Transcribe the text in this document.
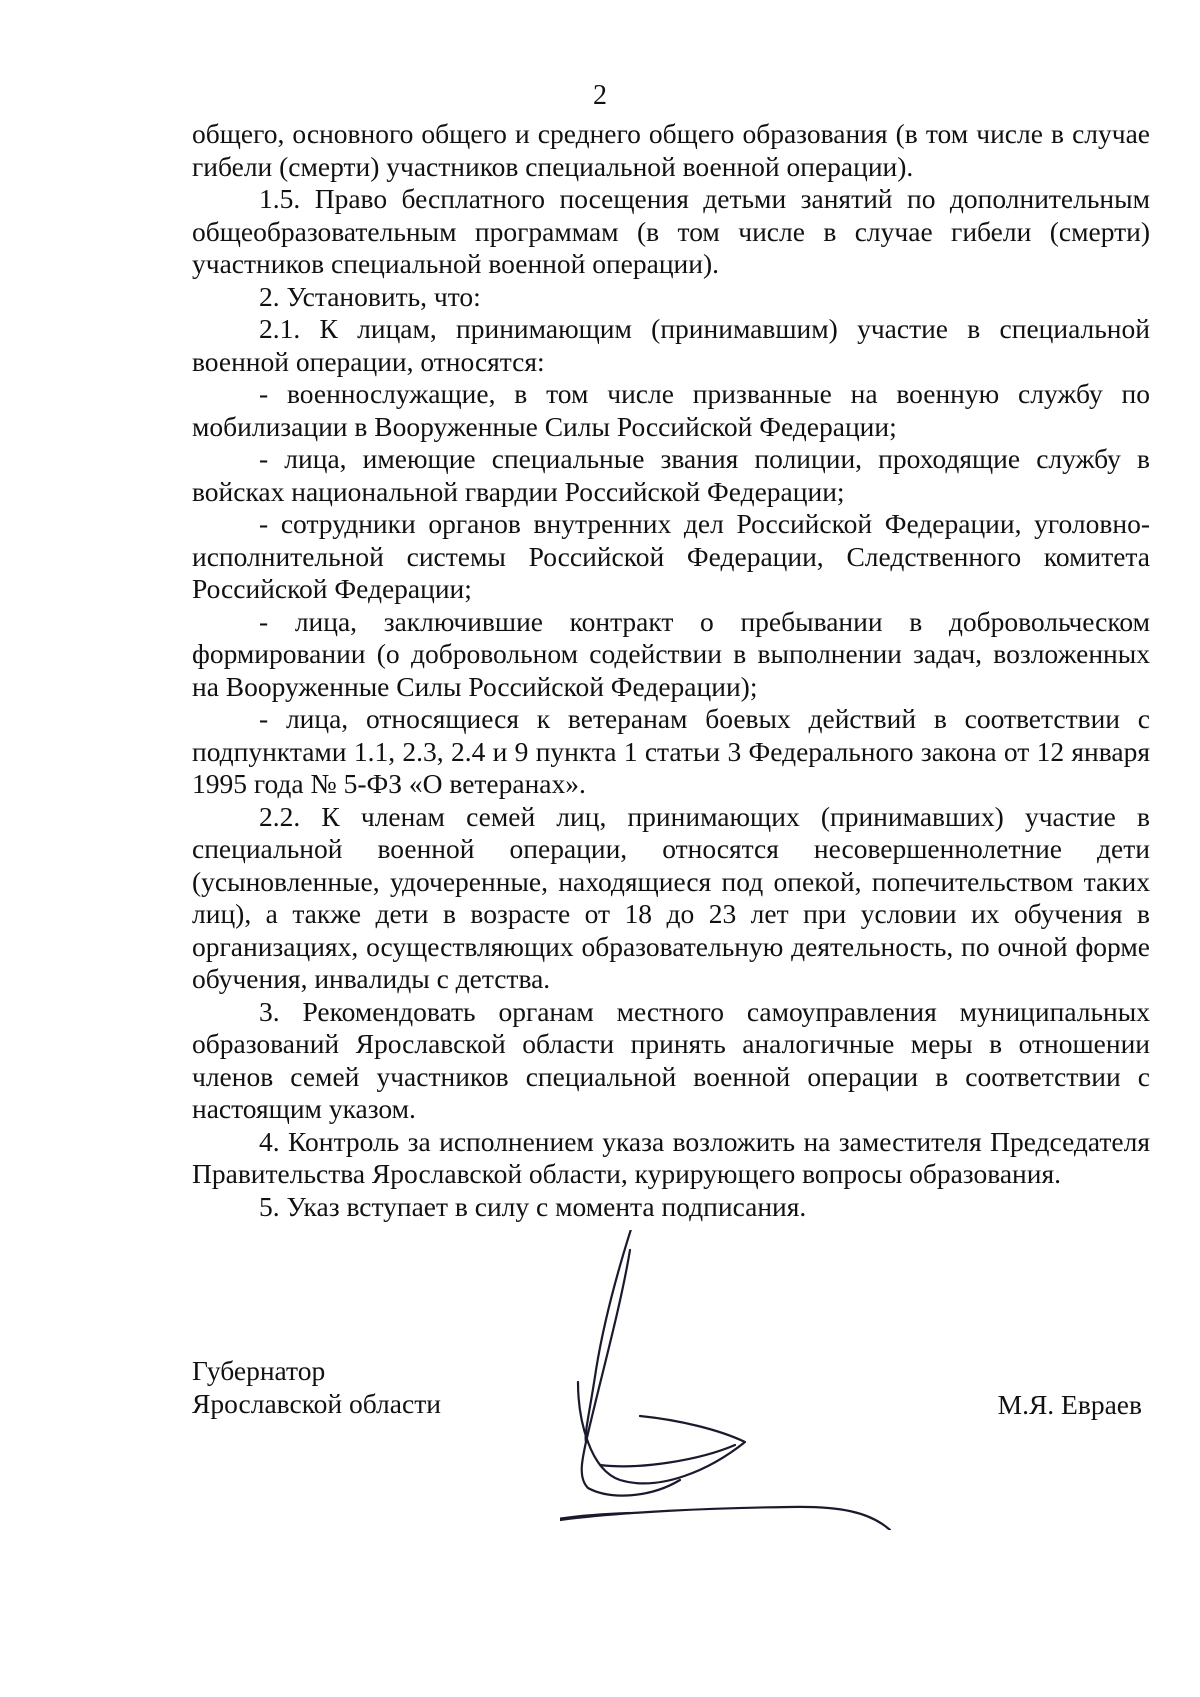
2

общего, основного общего и среднего общего образования (в том числе в случае гибели (смерти) участников специальной военной операции).

1.5. Право бесплатного посещения детьми занятий по дополнительным общеобразовательным программам (в том числе в случае гибели (смерти) участников специальной военной операции).

2. Установить, что:

2.1. К лицам, принимающим (принимавшим) участие в специальной военной операции, относятся:

- военнослужащие, в том числе призванные на военную службу по мобилизации в Вооруженные Силы Российской Федерации;

- лица, имеющие специальные звания полиции, проходящие службу в войсках национальной гвардии Российской Федерации;

- сотрудники органов внутренних дел Российской Федерации, уголовно-исполнительной системы Российской Федерации, Следственного комитета Российской Федерации;

- лица, заключившие контракт о пребывании в добровольческом формировании (о добровольном содействии в выполнении задач, возложенных на Вооруженные Силы Российской Федерации);

- лица, относящиеся к ветеранам боевых действий в соответствии с подпунктами 1.1, 2.3, 2.4 и 9 пункта 1 статьи 3 Федерального закона от 12 января 1995 года № 5-ФЗ «О ветеранах».

2.2. К членам семей лиц, принимающих (принимавших) участие в специальной военной операции, относятся несовершеннолетние дети (усыновленные, удочеренные, находящиеся под опекой, попечительством таких лиц), а также дети в возрасте от 18 до 23 лет при условии их обучения в организациях, осуществляющих образовательную деятельность, по очной форме обучения, инвалиды с детства.

3. Рекомендовать органам местного самоуправления муниципальных образований Ярославской области принять аналогичные меры в отношении членов семей участников специальной военной операции в соответствии с настоящим указом.

4. Контроль за исполнением указа возложить на заместителя Председателя Правительства Ярославской области, курирующего вопросы образования.

5. Указ вступает в силу с момента подписания.

Губернатор
Ярославской области	М.Я. Евраев
